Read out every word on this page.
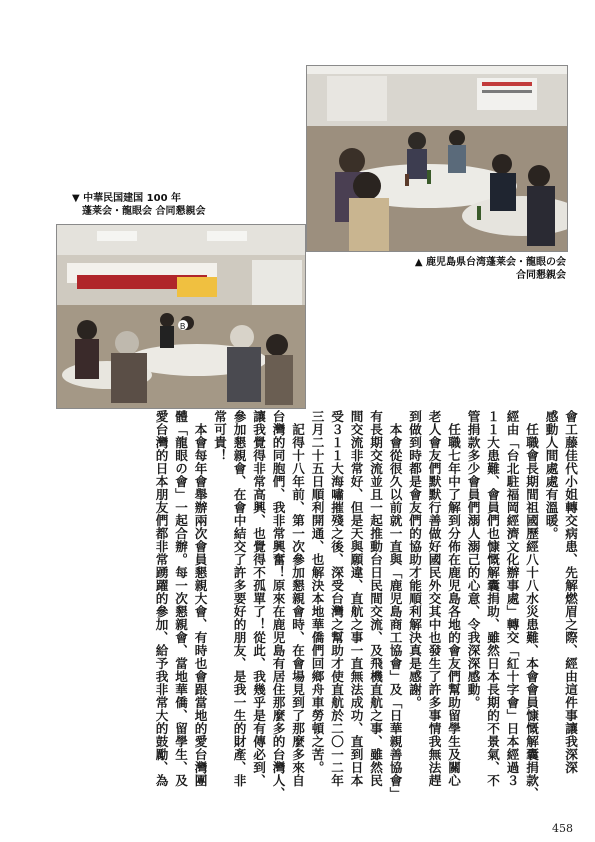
B
▼ 中華民国建国 100 年
　蓬莱会・龍眼会 合同懇親会
▲ 鹿児島県台湾蓬莱会・龍眼の会
合同懇親会
會工藤佳代小姐轉交病患、先解燃眉之際、經由這件事讓我深深
感動人間處處有溫暖。
　任職會長期間祖國歷經八十八水災患難、本會會員慷慨解囊捐款、
經由「台北駐福岡經濟文化辦事處」轉交「紅十字會」日本經過３
１１大患難、會員們也慷慨解囊捐助、雖然日本長期的不景氣、不
管捐款多少會員們溺人溺己的心意、令我深深感動。
　任職七年中了解到分佈在鹿児島各地的會友們幫助留學生及關心
老人會友們默默行善做好國民外交其中也發生了許多事情我無法趕
到做到時都是會友們的協助才能順利解決真是感謝。
　本會從很久以前就一直與「鹿児島商工協會」及「日華親善協會」
有長期交流並且一起推動台日民間交流、及飛機直航之事、雖然民
間交流非常好、但是天與願違、直航之事一直無法成功、直到日本
受３１１大海嘯摧殘之後、深受台灣之幫助才使直航於二〇一二年
三月二十五日順利開通、也解決本地華僑們回鄉舟車勞頓之苦。
　記得十八年前、第一次參加懇親會時、在會場見到了那麼多來自
台灣的同胞們、我非常興奮！原來在鹿児島有居住那麼多的台灣人、
讓我覺得非常高興、也覺得不孤單了！從此、我幾乎是有傳必到、
參加懇親會、在會中結交了許多要好的朋友、是我一生的財產、非
常可貴！
　本會每年會舉辦兩次會員懇親大會、有時也會跟當地的愛台灣團
體「龍眼の會」一起合辦。每一次懇親會、當地華僑、留學生、及
愛台灣的日本朋友們都非常踴躍的參加、給予我非常大的鼓勵、為
458
